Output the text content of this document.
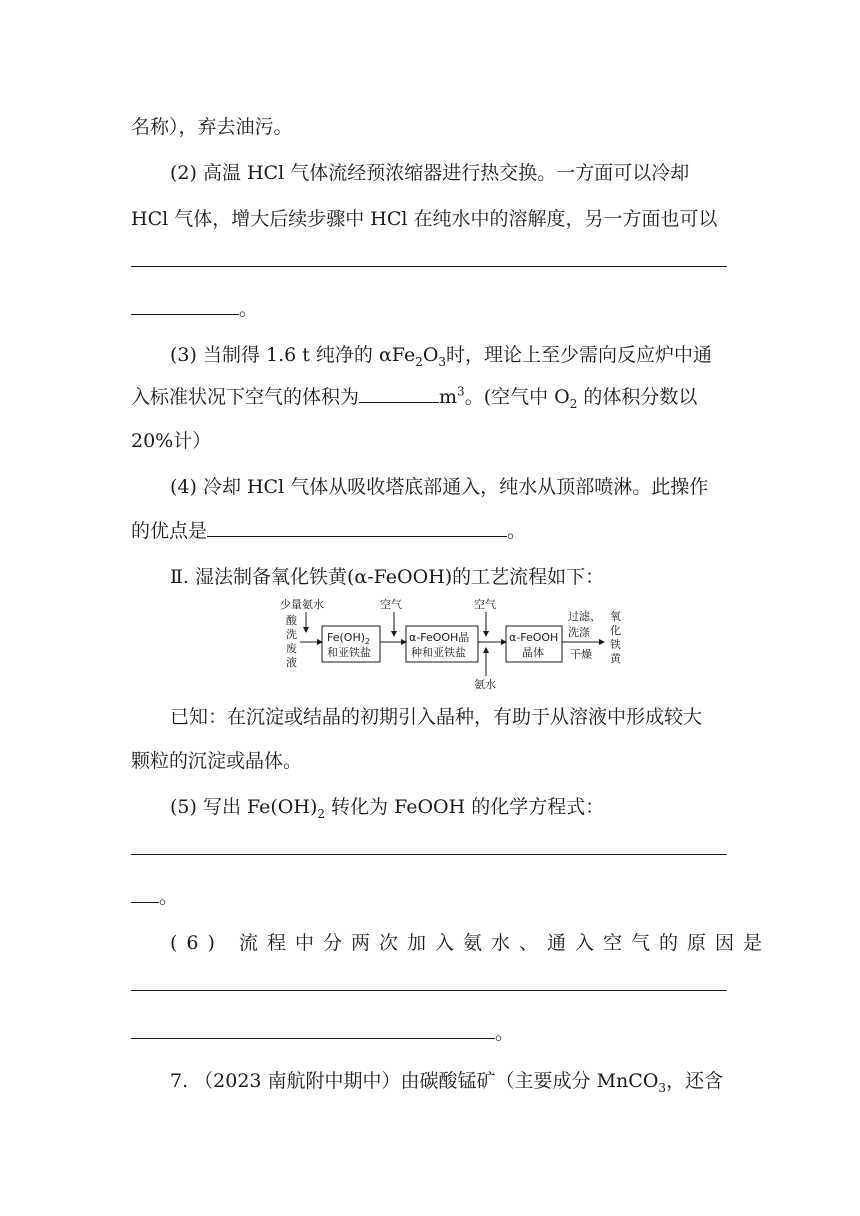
名称），弃去油污。
(2) 高温 HCl 气体流经预浓缩器进行热交换。一方面可以冷却
HCl 气体，增大后续步骤中 HCl 在纯水中的溶解度，另一方面也可以
。
(3) 当制得 1.6 t 纯净的 $\alpha Fe_2O_3$时，理论上至少需向反应炉中通
入标准状况下空气的体积为	$m^3$。(空气中 $O_2$ 的体积分数以
20%计）
(4) 冷却 HCl 气体从吸收塔底部通入，纯水从顶部喷淋。此操作
的优点是	。
Ⅱ. 湿法制备氧化铁黄(α-FeOOH)的工艺流程如下：
少量氨水
酸
洗
废
液
$Fe(OH)_2$
和亚铁盐
空气
α-FeOOH晶
种和亚铁盐
空气
氨水
α-FeOOH
晶体
过滤、
洗涤
干燥
氧
化
铁
黄
已知：在沉淀或结晶的初期引入晶种，有助于从溶液中形成较大
颗粒的沉淀或晶体。
(5) 写出 $Fe(OH)_2$ 转化为 FeOOH 的化学方程式：
。
(6) 流程中分两次加入氨水、通入空气的原因是
。
7. （2023 南航附中期中）由碳酸锰矿（主要成分 MnCO$_3$，还含
